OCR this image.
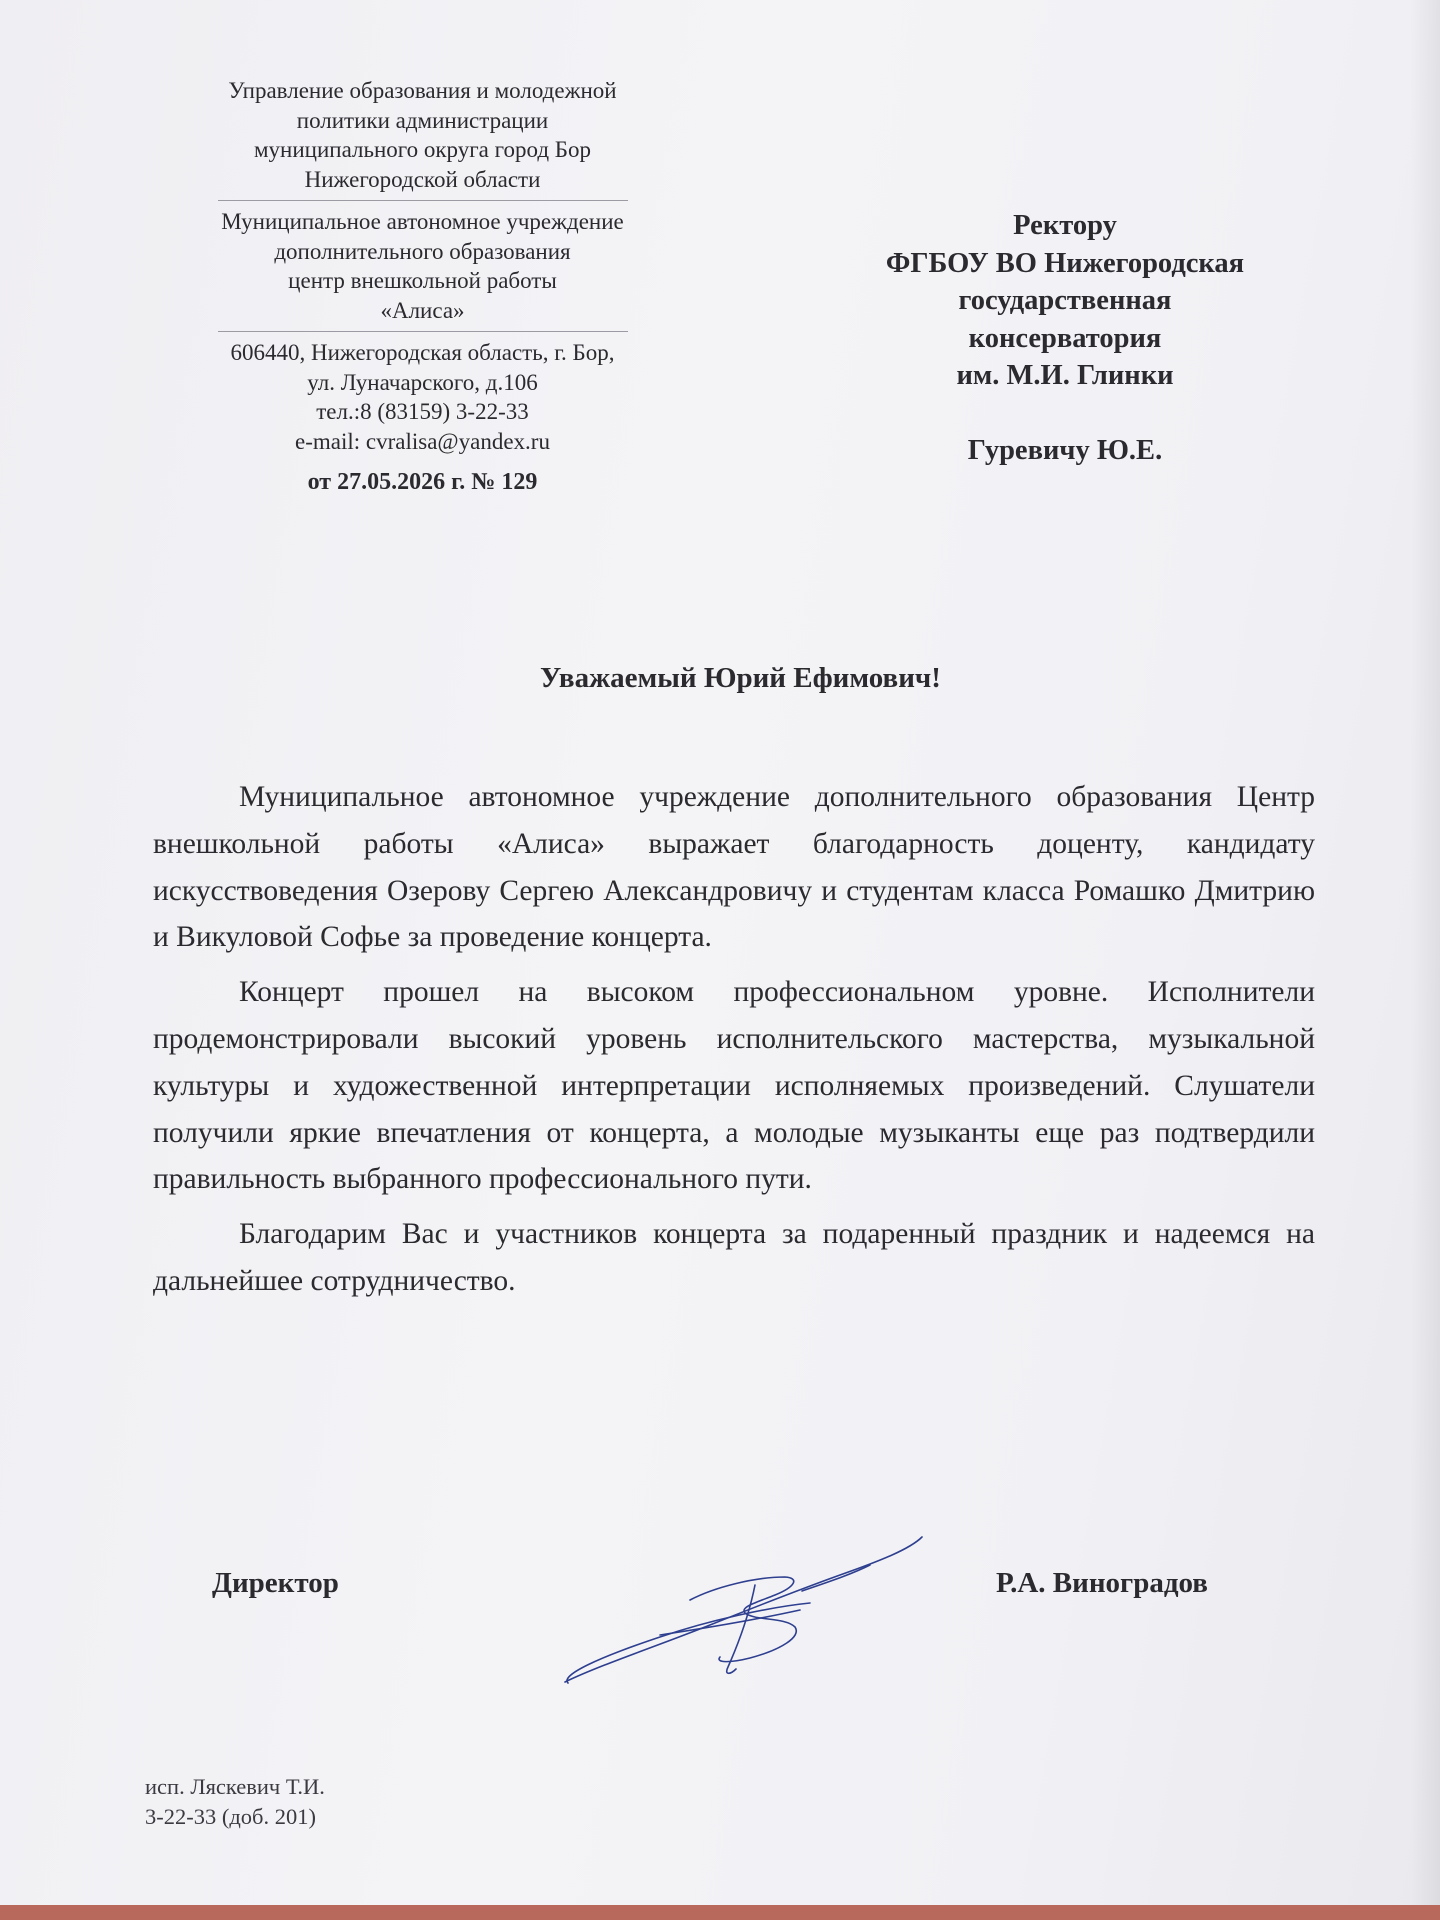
Управление образования и молодежной
политики администрации
муниципального округа город Бор
Нижегородской области
Муниципальное автономное учреждение
дополнительного образования
центр внешкольной работы
«Алиса»
606440, Нижегородская область, г. Бор,
ул. Луначарского, д.106
тел.:8 (83159) 3-22-33
e-mail: cvralisa@yandex.ru
от 27.05.2026 г. № 129
Ректору
ФГБОУ ВО Нижегородская
государственная
консерватория
им. М.И. Глинки
Гуревичу Ю.Е.
Уважаемый Юрий Ефимович!

Муниципальное автономное учреждение дополнительного образования Центр внешкольной работы «Алиса» выражает благодарность доценту, кандидату искусствоведения Озерову Сергею Александровичу и студентам класса Ромашко Дмитрию и Викуловой Софье за проведение концерта.

Концерт прошел на высоком профессиональном уровне. Исполнители продемонстрировали высокий уровень исполнительского мастерства, музыкальной культуры и художественной интерпретации исполняемых произведений. Слушатели получили яркие впечатления от концерта, а молодые музыканты еще раз подтвердили правильность выбранного профессионального пути.

Благодарим Вас и участников концерта за подаренный праздник и надеемся на дальнейшее сотрудничество.

Директор	Р.А. Виноградов
исп. Ляскевич Т.И.
3-22-33 (доб. 201)
